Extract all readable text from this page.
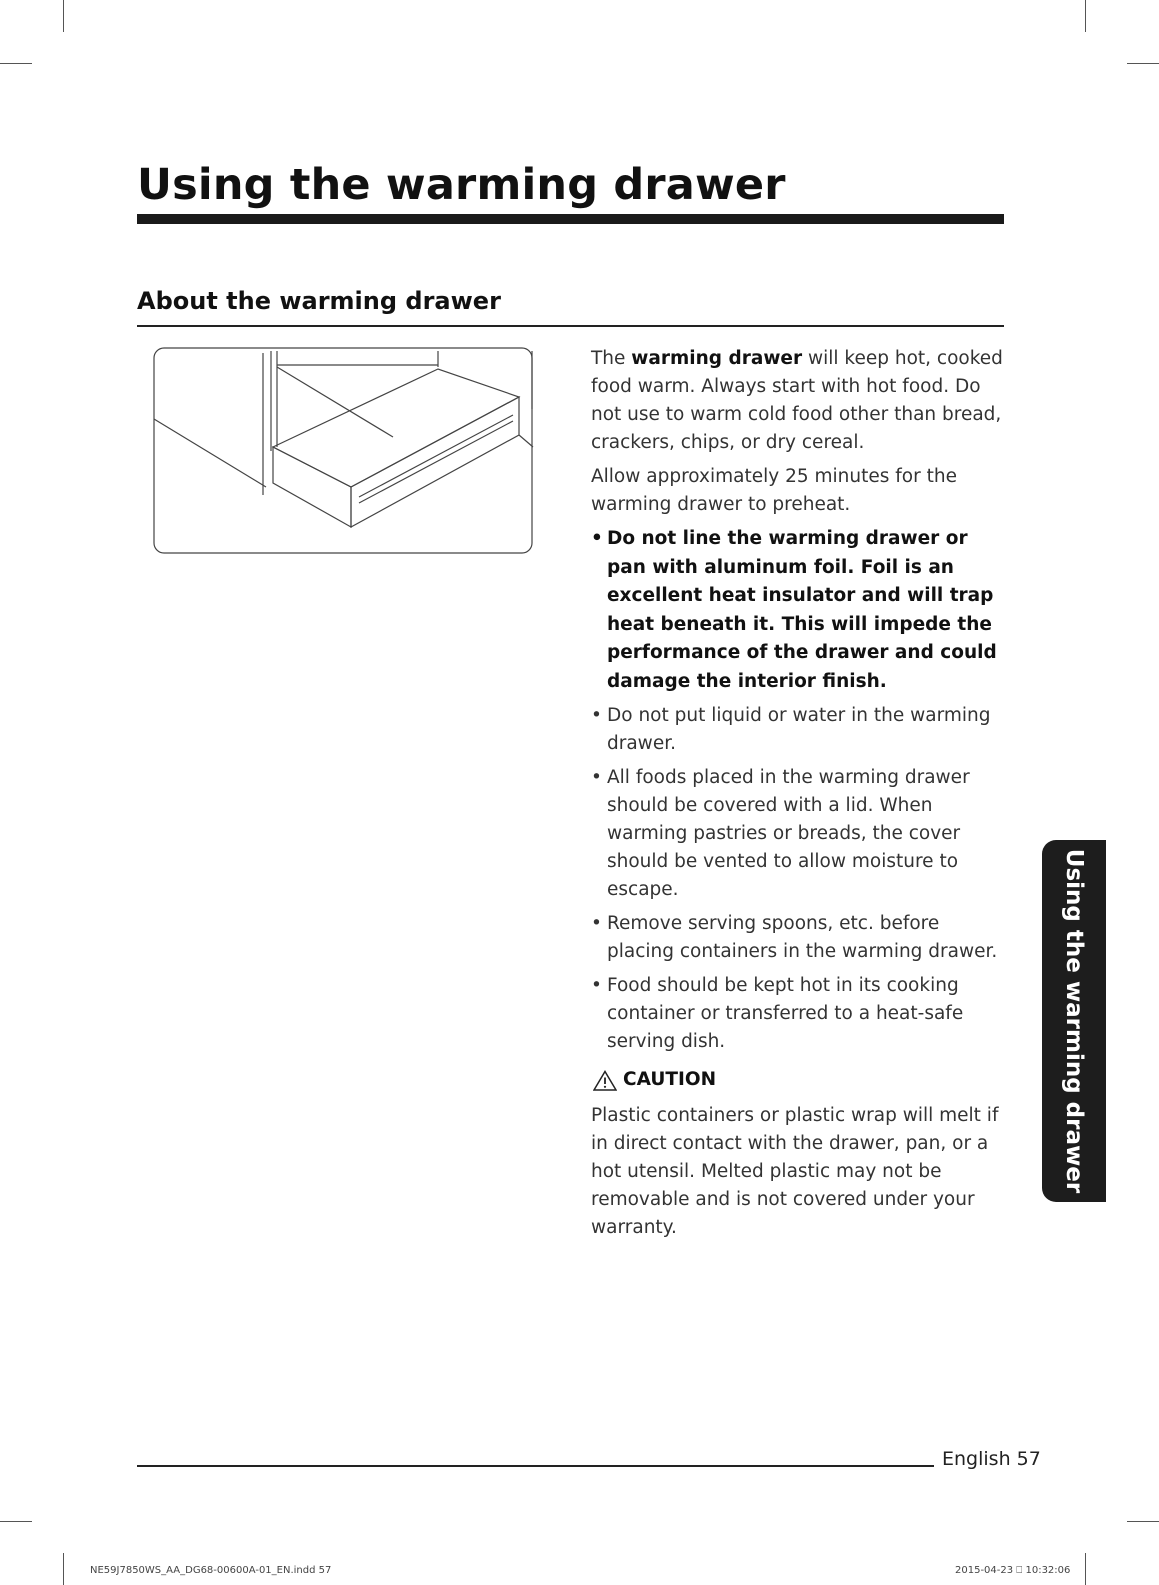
Using the warming drawer
About the warming drawer

The warming drawer will keep hot, cooked food warm. Always start with hot food. Do not use to warm cold food other than bread, crackers, chips, or dry cereal.

Allow approximately 25 minutes for the warming drawer to preheat.

• Do not line the warming drawer or pan with aluminum foil. Foil is an excellent heat insulator and will trap heat beneath it. This will impede the performance of the drawer and could damage the interior finish.
• Do not put liquid or water in the warming drawer.
• All foods placed in the warming drawer should be covered with a lid. When warming pastries or breads, the cover should be vented to allow moisture to escape.
• Remove serving spoons, etc. before placing containers in the warming drawer.
• Food should be kept hot in its cooking container or transferred to a heat-safe serving dish.
CAUTION

Plastic containers or plastic wrap will melt if in direct contact with the drawer, pan, or a hot utensil. Melted plastic may not be removable and is not covered under your warranty.

Using the warming drawer
English 57
NE59J7850WS_AA_DG68-00600A-01_EN.indd 57	2015-04-23 ⎕ 10:32:06
